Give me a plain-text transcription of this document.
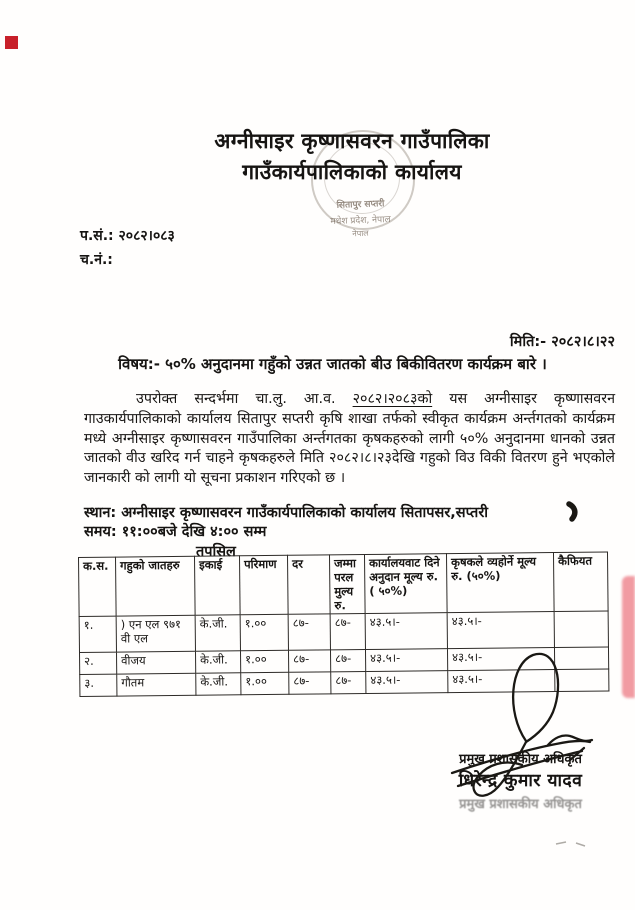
अग्नीसाइर कृष्णासवरन गाउँपालिका
गाउँकार्यपालिकाको कार्यालय
सितापुर सप्तरी
मधेश प्रदेश, नेपाल
नेपाल
प.सं.: २०८२।०८३
च.नं.:
मिति:- २०८२।८।२२
विषय:- ५०% अनुदानमा गहुँको उन्नत जातको बीउ बिकीवितरण कार्यक्रम बारे ।
उपरोक्त सन्दर्भमा चा.लु. आ.व. २०८२।२०८३को यस अग्नीसाइर कृष्णासवरन गाउकार्यपालिकाको कार्यालय सितापुर सप्तरी कृषि शाखा तर्फको स्वीकृत कार्यक्रम अर्न्तगतको कार्यक्रम मध्ये अग्नीसाइर कृष्णासवरन गाउँपालिका अर्न्तगतका कृषकहरुको लागी ५०% अनुदानमा धानको उन्नत जातको वीउ खरिद गर्न चाहने कृषकहरुले मिति २०८२।८।२३देखि गहुको विउ विकी वितरण हुने भएकोले जानकारी को लागी यो सूचना प्रकाशन गरिएको छ ।
स्थान: अग्नीसाइर कृष्णासवरन गाउँकार्यपालिकाको कार्यालय सितापसर,सप्तरी
समय: ११:००बजे देखि ४:०० सम्म
तपसिल
क.स.	गहुको जातहरु	इकाई	परिमाण	दर	जम्मा परल मुल्य रु.	कार्यालयवाट दिने अनुदान मूल्य रु.( ५०%)	कृषकले व्यहोर्ने मूल्य रु. (५०%)	कैफियत
१.	) एन एल ९७१ वी एल	के.जी.	१.००	८७-	८७-	४३.५।-	४३.५।-	
२.	वीजय	के.जी.	१.००	८७-	८७-	४३.५।-	४३.५।-	
३.	गौतम	के.जी.	१.००	८७-	८७-	४३.५।-	४३.५।-	
प्रमुख प्रशासकीय अधिकृत
धिरेन्द्र कुमार यादव
प्रमुख प्रशासकीय अधिकृत
